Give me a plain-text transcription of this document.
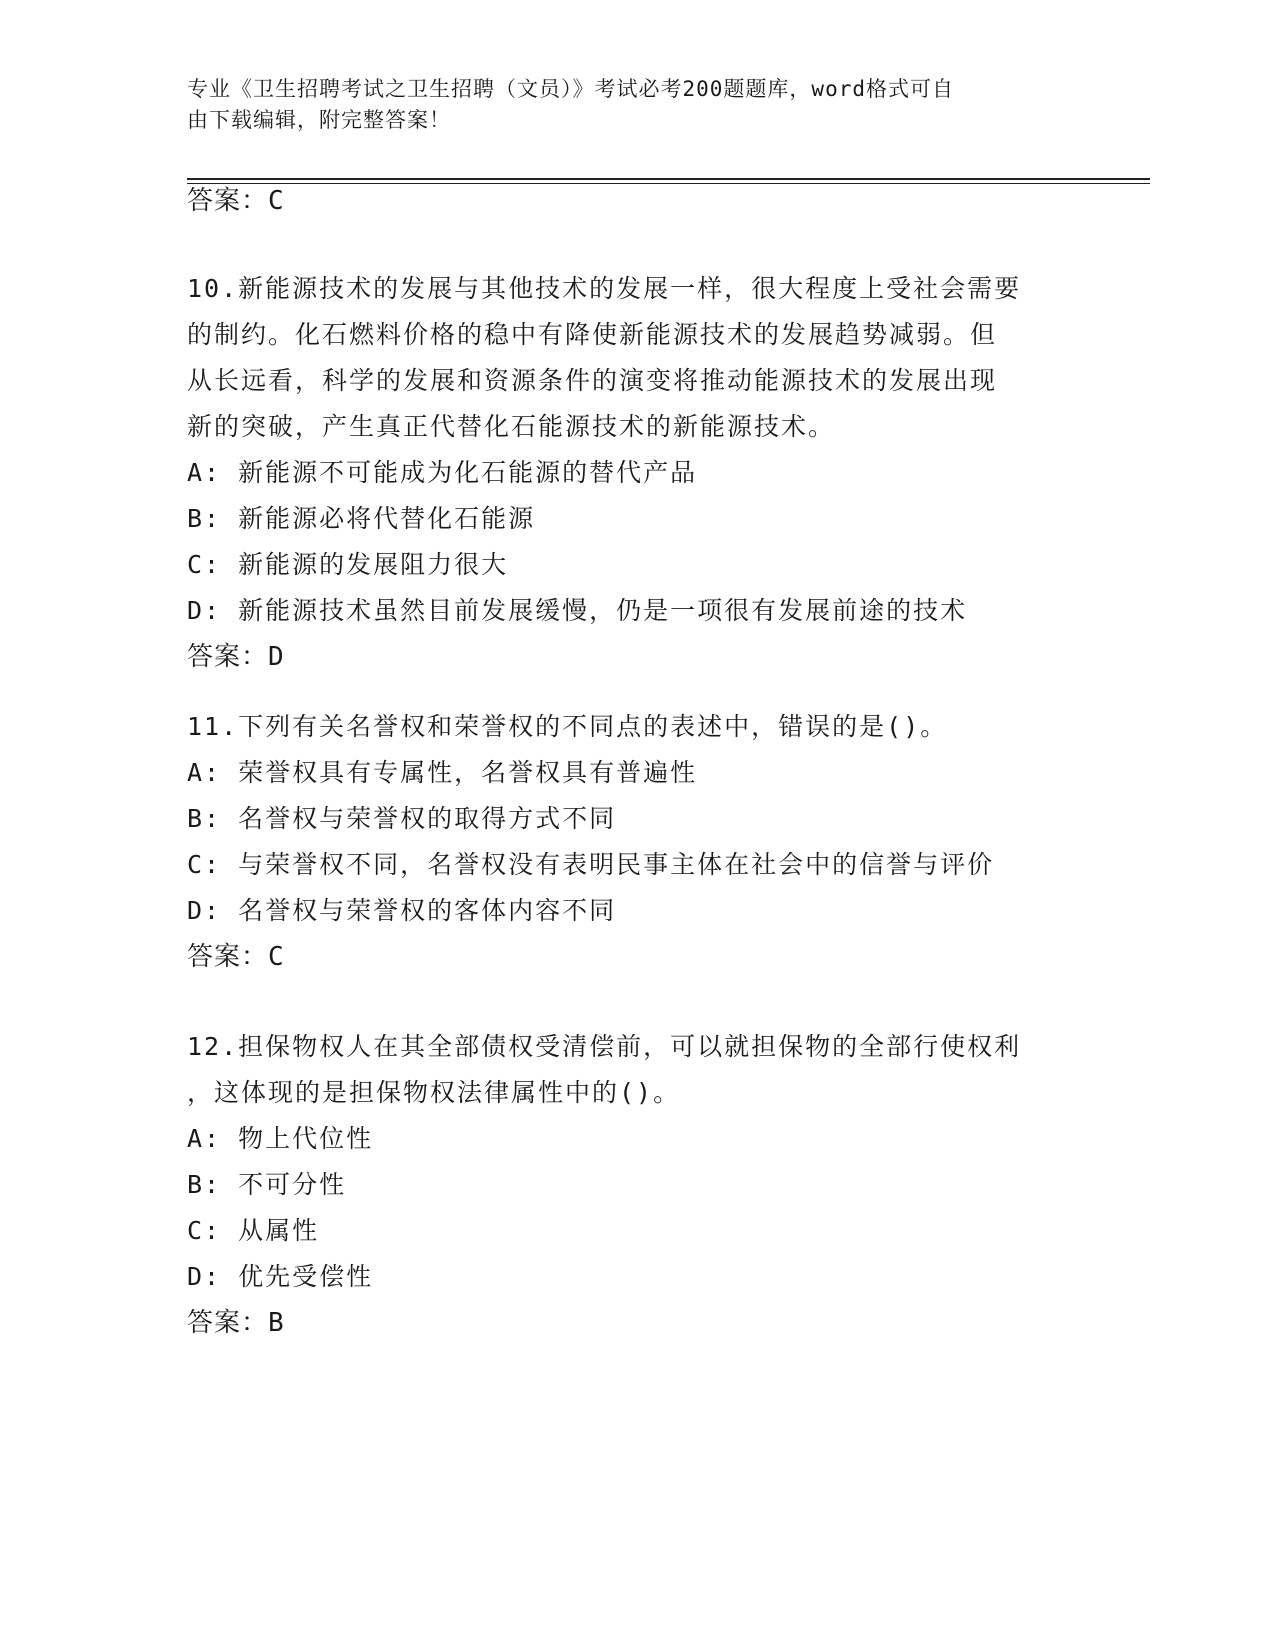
专业《卫生招聘考试之卫生招聘（文员）》考试必考200题题库，word格式可自
由下载编辑，附完整答案！
答案：C
10.新能源技术的发展与其他技术的发展一样，很大程度上受社会需要
的制约。化石燃料价格的稳中有降使新能源技术的发展趋势减弱。但
从长远看，科学的发展和资源条件的演变将推动能源技术的发展出现
新的突破，产生真正代替化石能源技术的新能源技术。
A: 新能源不可能成为化石能源的替代产品
B: 新能源必将代替化石能源
C: 新能源的发展阻力很大
D: 新能源技术虽然目前发展缓慢，仍是一项很有发展前途的技术
答案：D
11.下列有关名誉权和荣誉权的不同点的表述中，错误的是()。
A: 荣誉权具有专属性，名誉权具有普遍性
B: 名誉权与荣誉权的取得方式不同
C: 与荣誉权不同，名誉权没有表明民事主体在社会中的信誉与评价
D: 名誉权与荣誉权的客体内容不同
答案：C
12.担保物权人在其全部债权受清偿前，可以就担保物的全部行使权利
，这体现的是担保物权法律属性中的()。
A: 物上代位性
B: 不可分性
C: 从属性
D: 优先受偿性
答案：B
